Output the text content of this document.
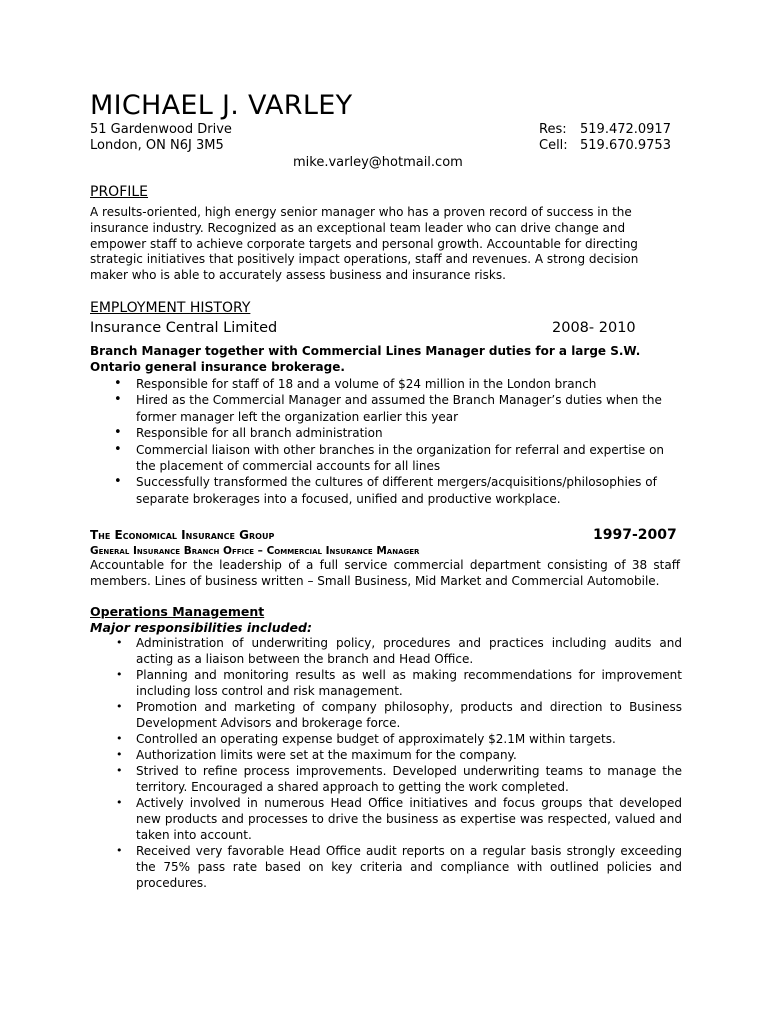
MICHAEL J. VARLEY
51 Gardenwood Drive
London, ON N6J 3M5
Res: 519.472.0917
Cell: 519.670.9753
mike.varley@hotmail.com
PROFILE
A results-oriented, high energy senior manager who has a proven record of success in the insurance industry. Recognized as an exceptional team leader who can drive change and empower staff to achieve corporate targets and personal growth. Accountable for directing strategic initiatives that positively impact operations, staff and revenues. A strong decision maker who is able to accurately assess business and insurance risks.
EMPLOYMENT HISTORY
Insurance Central Limited	2008- 2010
Branch Manager together with Commercial Lines Manager duties for a large S.W. Ontario general insurance brokerage.
• Responsible for staff of 18 and a volume of $24 million in the London branch
• Hired as the Commercial Manager and assumed the Branch Manager’s duties when the former manager left the organization earlier this year
• Responsible for all branch administration
• Commercial liaison with other branches in the organization for referral and expertise on the placement of commercial accounts for all lines
• Successfully transformed the cultures of different mergers/acquisitions/philosophies of separate brokerages into a focused, unified and productive workplace.
The Economical Insurance Group	1997-2007
General Insurance Branch Office – Commercial Insurance Manager
Accountable for the leadership of a full service commercial department consisting of 38 staff members. Lines of business written – Small Business, Mid Market and Commercial Automobile.
Operations Management
Major responsibilities included:
• Administration of underwriting policy, procedures and practices including audits and acting as a liaison between the branch and Head Office.
• Planning and monitoring results as well as making recommendations for improvement including loss control and risk management.
• Promotion and marketing of company philosophy, products and direction to Business Development Advisors and brokerage force.
• Controlled an operating expense budget of approximately $2.1M within targets.
• Authorization limits were set at the maximum for the company.
• Strived to refine process improvements. Developed underwriting teams to manage the territory. Encouraged a shared approach to getting the work completed.
• Actively involved in numerous Head Office initiatives and focus groups that developed new products and processes to drive the business as expertise was respected, valued and taken into account.
• Received very favorable Head Office audit reports on a regular basis strongly exceeding the 75% pass rate based on key criteria and compliance with outlined policies and procedures.
